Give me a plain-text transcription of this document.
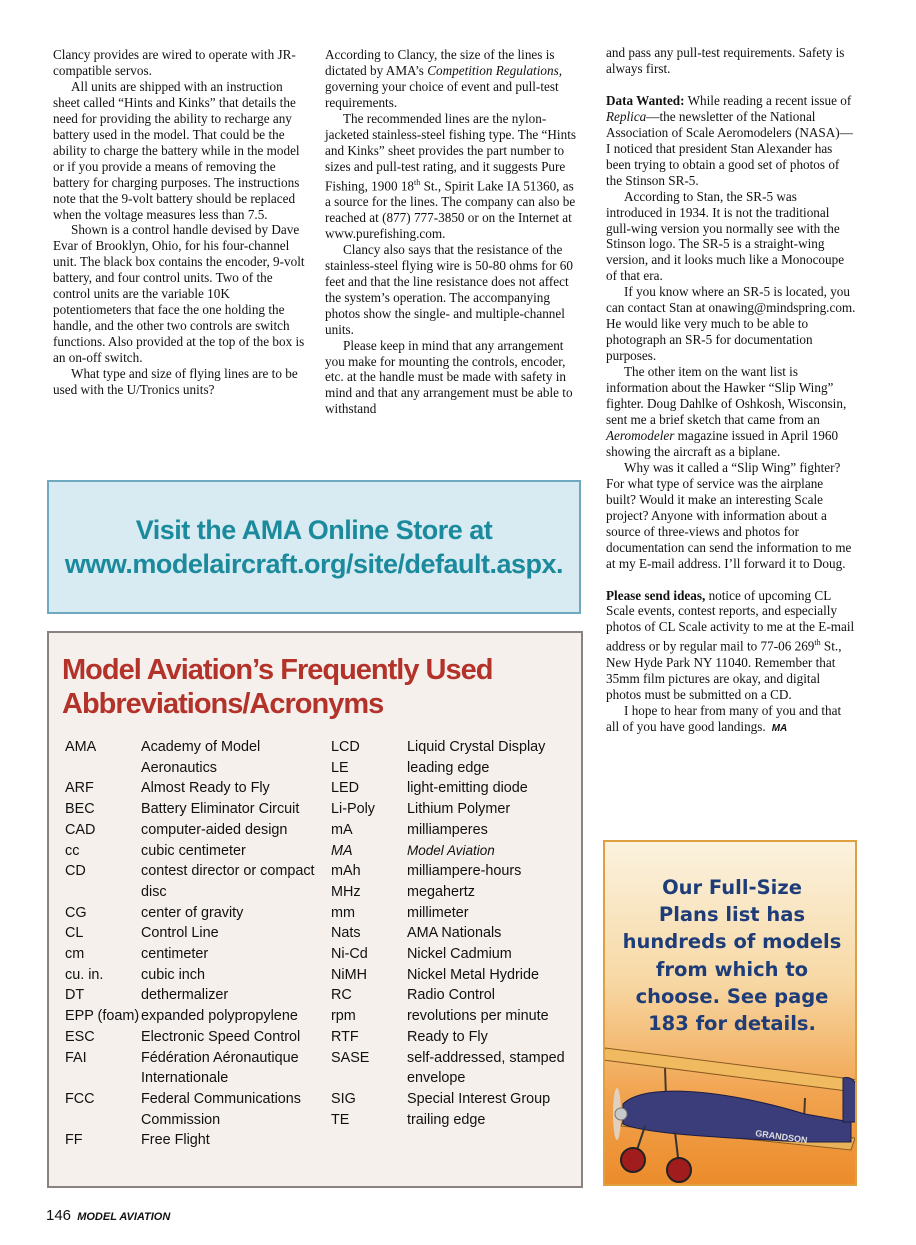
Clancy provides are wired to operate with JR-compatible servos.

All units are shipped with an instruction sheet called “Hints and Kinks” that details the need for providing the ability to recharge any battery used in the model. That could be the ability to charge the battery while in the model or if you provide a means of removing the battery for charging purposes. The instructions note that the 9-volt battery should be replaced when the voltage measures less than 7.5.

Shown is a control handle devised by Dave Evar of Brooklyn, Ohio, for his four-channel unit. The black box contains the encoder, 9-volt battery, and four control units. Two of the control units are the variable 10K potentiometers that face the one holding the handle, and the other two controls are switch functions. Also provided at the top of the box is an on-off switch.

What type and size of flying lines are to be used with the U/Tronics units?

According to Clancy, the size of the lines is dictated by AMA’s Competition Regulations, governing your choice of event and pull-test requirements.

The recommended lines are the nylon-jacketed stainless-steel fishing type. The “Hints and Kinks” sheet provides the part number to sizes and pull-test rating, and it suggests Pure Fishing, 1900 18th St., Spirit Lake IA 51360, as a source for the lines. The company can also be reached at (877) 777-3850 or on the Internet at www.purefishing.com.

Clancy also says that the resistance of the stainless-steel flying wire is 50-80 ohms for 60 feet and that the line resistance does not affect the system’s operation. The accompanying photos show the single- and multiple-channel units.

Please keep in mind that any arrangement you make for mounting the controls, encoder, etc. at the handle must be made with safety in mind and that any arrangement must be able to withstand

and pass any pull-test requirements. Safety is always first.

Data Wanted: While reading a recent issue of Replica—the newsletter of the National Association of Scale Aeromodelers (NASA)—I noticed that president Stan Alexander has been trying to obtain a good set of photos of the Stinson SR-5.

According to Stan, the SR-5 was introduced in 1934. It is not the traditional gull-wing version you normally see with the Stinson logo. The SR-5 is a straight-wing version, and it looks much like a Monocoupe of that era.

If you know where an SR-5 is located, you can contact Stan at onawing@mindspring.com. He would like very much to be able to photograph an SR-5 for documentation purposes.

The other item on the want list is information about the Hawker “Slip Wing” fighter. Doug Dahlke of Oshkosh, Wisconsin, sent me a brief sketch that came from an Aeromodeler magazine issued in April 1960 showing the aircraft as a biplane.

Why was it called a “Slip Wing” fighter? For what type of service was the airplane built? Would it make an interesting Scale project? Anyone with information about a source of three-views and photos for documentation can send the information to me at my E-mail address. I’ll forward it to Doug.

Please send ideas, notice of upcoming CL Scale events, contest reports, and especially photos of CL Scale activity to me at the E-mail address or by regular mail to 77-06 269th St., New Hyde Park NY 11040. Remember that 35mm film pictures are okay, and digital photos must be submitted on a CD.

I hope to hear from many of you and that all of you have good landings. MA

Visit the AMA Online Store at
www.modelaircraft.org/site/default.aspx.
Model Aviation’s Frequently Used Abbreviations/Acronyms
AMA	Academy of Model Aeronautics
ARF	Almost Ready to Fly
BEC	Battery Eliminator Circuit
CAD	computer-aided design
cc	cubic centimeter
CD	contest director or compact disc
CG	center of gravity
CL	Control Line
cm	centimeter
cu. in.	cubic inch
DT	dethermalizer
EPP (foam) expanded polypropylene
ESC	Electronic Speed Control
FAI	Fédération Aéronautique Internationale
FCC	Federal Communications Commission
FF	Free Flight
LCD	Liquid Crystal Display
LE	leading edge
LED	light-emitting diode
Li-Poly	Lithium Polymer
mA	milliamperes
MA	Model Aviation
mAh	milliampere-hours
MHz	megahertz
mm	millimeter
Nats	AMA Nationals
Ni-Cd	Nickel Cadmium
NiMH	Nickel Metal Hydride
RC	Radio Control
rpm	revolutions per minute
RTF	Ready to Fly
SASE	self-addressed, stamped envelope
SIG	Special Interest Group
TE	trailing edge
Our Full-Size
Plans list has
hundreds of models
from which to
choose. See page
183 for details.
GRANDSON
146 MODEL AVIATION
